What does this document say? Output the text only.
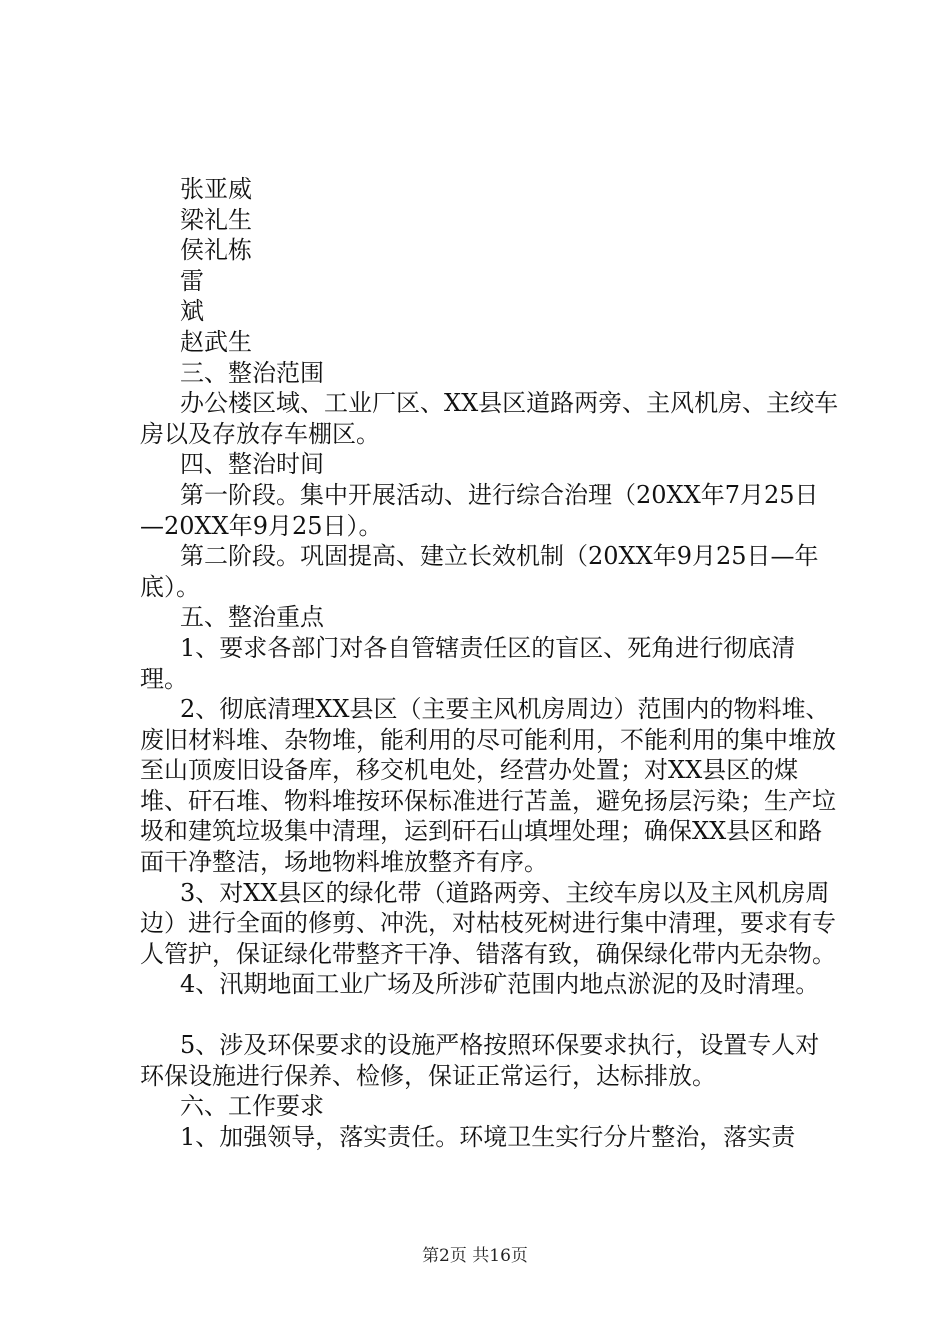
张亚威

梁礼生

侯礼栋

雷

斌

赵武生

三、整治范围

办公楼区域、工业厂区、XX县区道路两旁、主风机房、主绞车房以及存放存车棚区。

四、整治时间

第一阶段。集中开展活动、进行综合治理（20XX年7月25日—20XX年9月25日）。

第二阶段。巩固提高、建立长效机制（20XX年9月25日—年底）。

五、整治重点

1、要求各部门对各自管辖责任区的盲区、死角进行彻底清理。

2、彻底清理XX县区（主要主风机房周边）范围内的物料堆、废旧材料堆、杂物堆，能利用的尽可能利用，不能利用的集中堆放至山顶废旧设备库，移交机电处，经营办处置；对XX县区的煤堆、矸石堆、物料堆按环保标准进行苫盖，避免扬层污染；生产垃圾和建筑垃圾集中清理，运到矸石山填埋处理；确保XX县区和路面干净整洁，场地物料堆放整齐有序。

3、对XX县区的绿化带（道路两旁、主绞车房以及主风机房周边）进行全面的修剪、冲洗，对枯枝死树进行集中清理，要求有专人管护，保证绿化带整齐干净、错落有致，确保绿化带内无杂物。

4、汛期地面工业广场及所涉矿范围内地点淤泥的及时清理。

5、涉及环保要求的设施严格按照环保要求执行，设置专人对环保设施进行保养、检修，保证正常运行，达标排放。

六、工作要求

1、加强领导，落实责任。环境卫生实行分片整治，落实责

第2页 共16页
